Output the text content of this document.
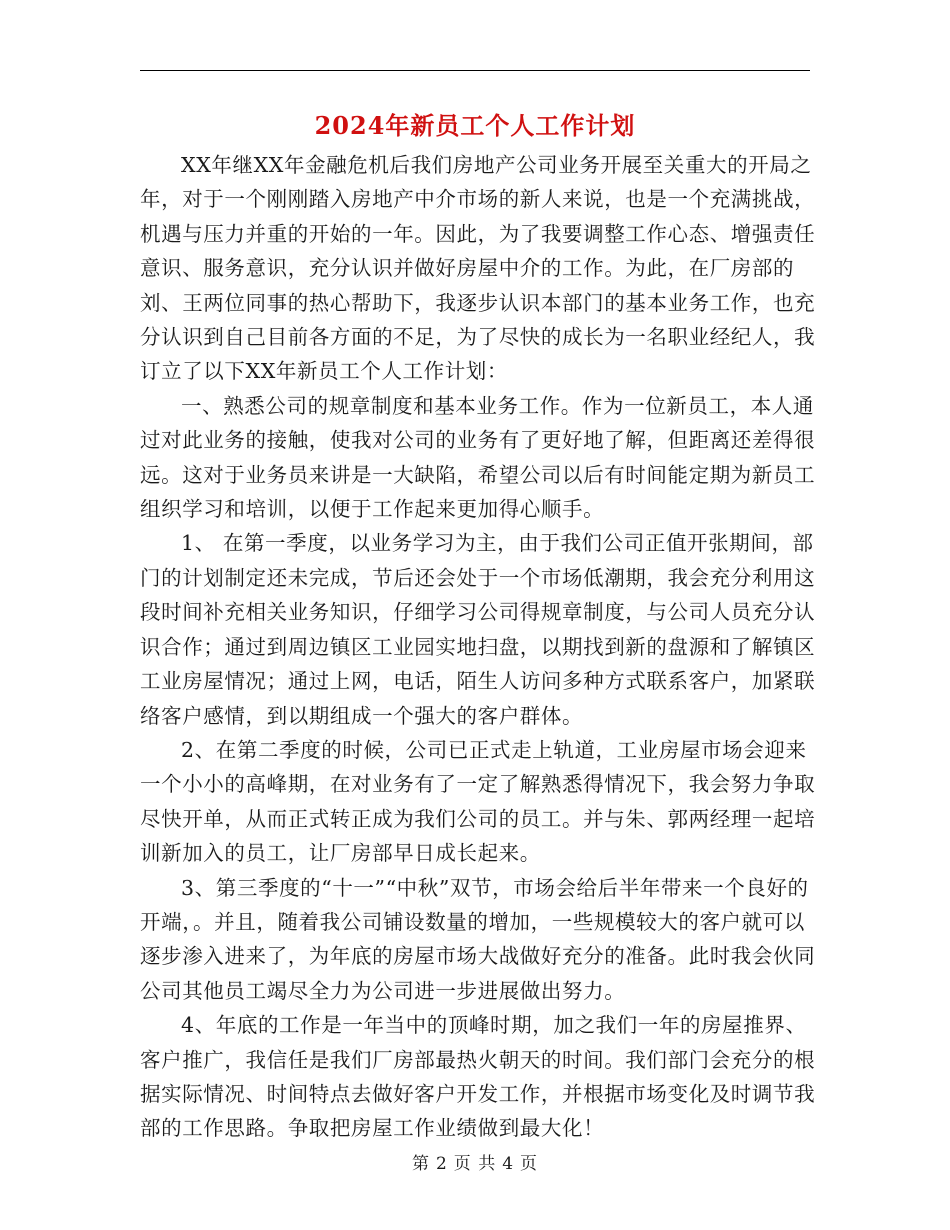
2024年新员工个人工作计划

XX年继XX年金融危机后我们房地产公司业务开展至关重大的开局之年，对于一个刚刚踏入房地产中介市场的新人来说，也是一个充满挑战，机遇与压力并重的开始的一年。因此，为了我要调整工作心态、增强责任意识、服务意识，充分认识并做好房屋中介的工作。为此，在厂房部的刘、王两位同事的热心帮助下，我逐步认识本部门的基本业务工作，也充分认识到自己目前各方面的不足，为了尽快的成长为一名职业经纪人，我订立了以下XX年新员工个人工作计划：

一、熟悉公司的规章制度和基本业务工作。作为一位新员工，本人通过对此业务的接触，使我对公司的业务有了更好地了解，但距离还差得很远。这对于业务员来讲是一大缺陷，希望公司以后有时间能定期为新员工组织学习和培训，以便于工作起来更加得心顺手。

1、 在第一季度，以业务学习为主，由于我们公司正值开张期间，部门的计划制定还未完成，节后还会处于一个市场低潮期，我会充分利用这段时间补充相关业务知识，仔细学习公司得规章制度，与公司人员充分认识合作；通过到周边镇区工业园实地扫盘，以期找到新的盘源和了解镇区工业房屋情况；通过上网，电话，陌生人访问多种方式联系客户，加紧联络客户感情，到以期组成一个强大的客户群体。

2、在第二季度的时候，公司已正式走上轨道，工业房屋市场会迎来一个小小的高峰期，在对业务有了一定了解熟悉得情况下，我会努力争取尽快开单，从而正式转正成为我们公司的员工。并与朱、郭两经理一起培训新加入的员工，让厂房部早日成长起来。

3、第三季度的“十一”“中秋”双节，市场会给后半年带来一个良好的开端，。并且，随着我公司铺设数量的增加，一些规模较大的客户就可以逐步渗入进来了，为年底的房屋市场大战做好充分的准备。此时我会伙同公司其他员工竭尽全力为公司进一步进展做出努力。

4、年底的工作是一年当中的顶峰时期，加之我们一年的房屋推界、客户推广，我信任是我们厂房部最热火朝天的时间。我们部门会充分的根据实际情况、时间特点去做好客户开发工作，并根据市场变化及时调节我部的工作思路。争取把房屋工作业绩做到最大化！

第 2 页 共 4 页
